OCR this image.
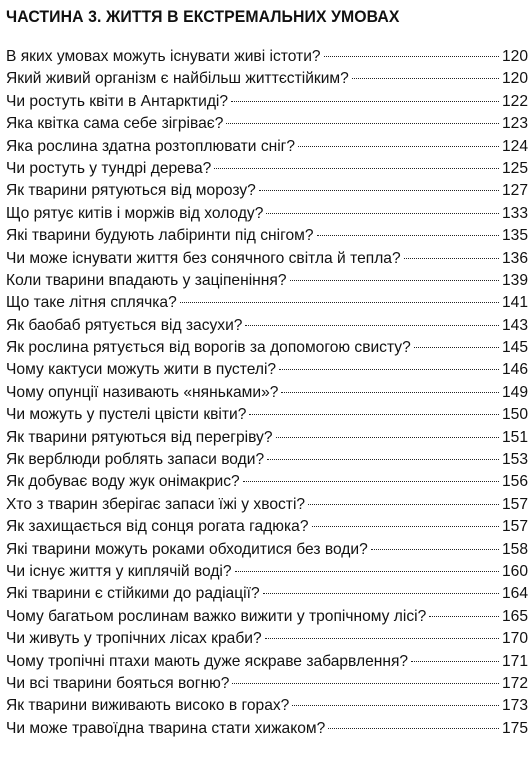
ЧАСТИНА 3. ЖИТТЯ В ЕКСТРЕМАЛЬНИХ УМОВАХ
В яких умовах можуть існувати живі істоти?	120
Який живий організм є найбільш життєстійким?	120
Чи ростуть квіти в Антарктиді?	122
Яка квітка сама себе зігріває?	123
Яка рослина здатна розтоплювати сніг?	124
Чи ростуть у тундрі дерева?	125
Як тварини рятуються від морозу?	127
Що рятує китів і моржів від холоду?	133
Які тварини будують лабіринти під снігом?	135
Чи може існувати життя без сонячного світла й тепла?	136
Коли тварини впадають у заціпеніння?	139
Що таке літня сплячка?	141
Як баобаб рятується від засухи?	143
Як рослина рятується від ворогів за допомогою свисту?	145
Чому кактуси можуть жити в пустелі?	146
Чому опунції називають «няньками»?	149
Чи можуть у пустелі цвісти квіти?	150
Як тварини рятуються від перегріву?	151
Як верблюди роблять запаси води?	153
Як добуває воду жук онімакрис?	156
Хто з тварин зберігає запаси їжі у хвості?	157
Як захищається від сонця рогата гадюка?	157
Які тварини можуть роками обходитися без води?	158
Чи існує життя у киплячій воді?	160
Які тварини є стійкими до радіації?	164
Чому багатьом рослинам важко вижити у тропічному лісі?	165
Чи живуть у тропічних лісах краби?	170
Чому тропічні птахи мають дуже яскраве забарвлення?	171
Чи всі тварини бояться вогню?	172
Як тварини виживають високо в горах?	173
Чи може травоїдна тварина стати хижаком?	175
